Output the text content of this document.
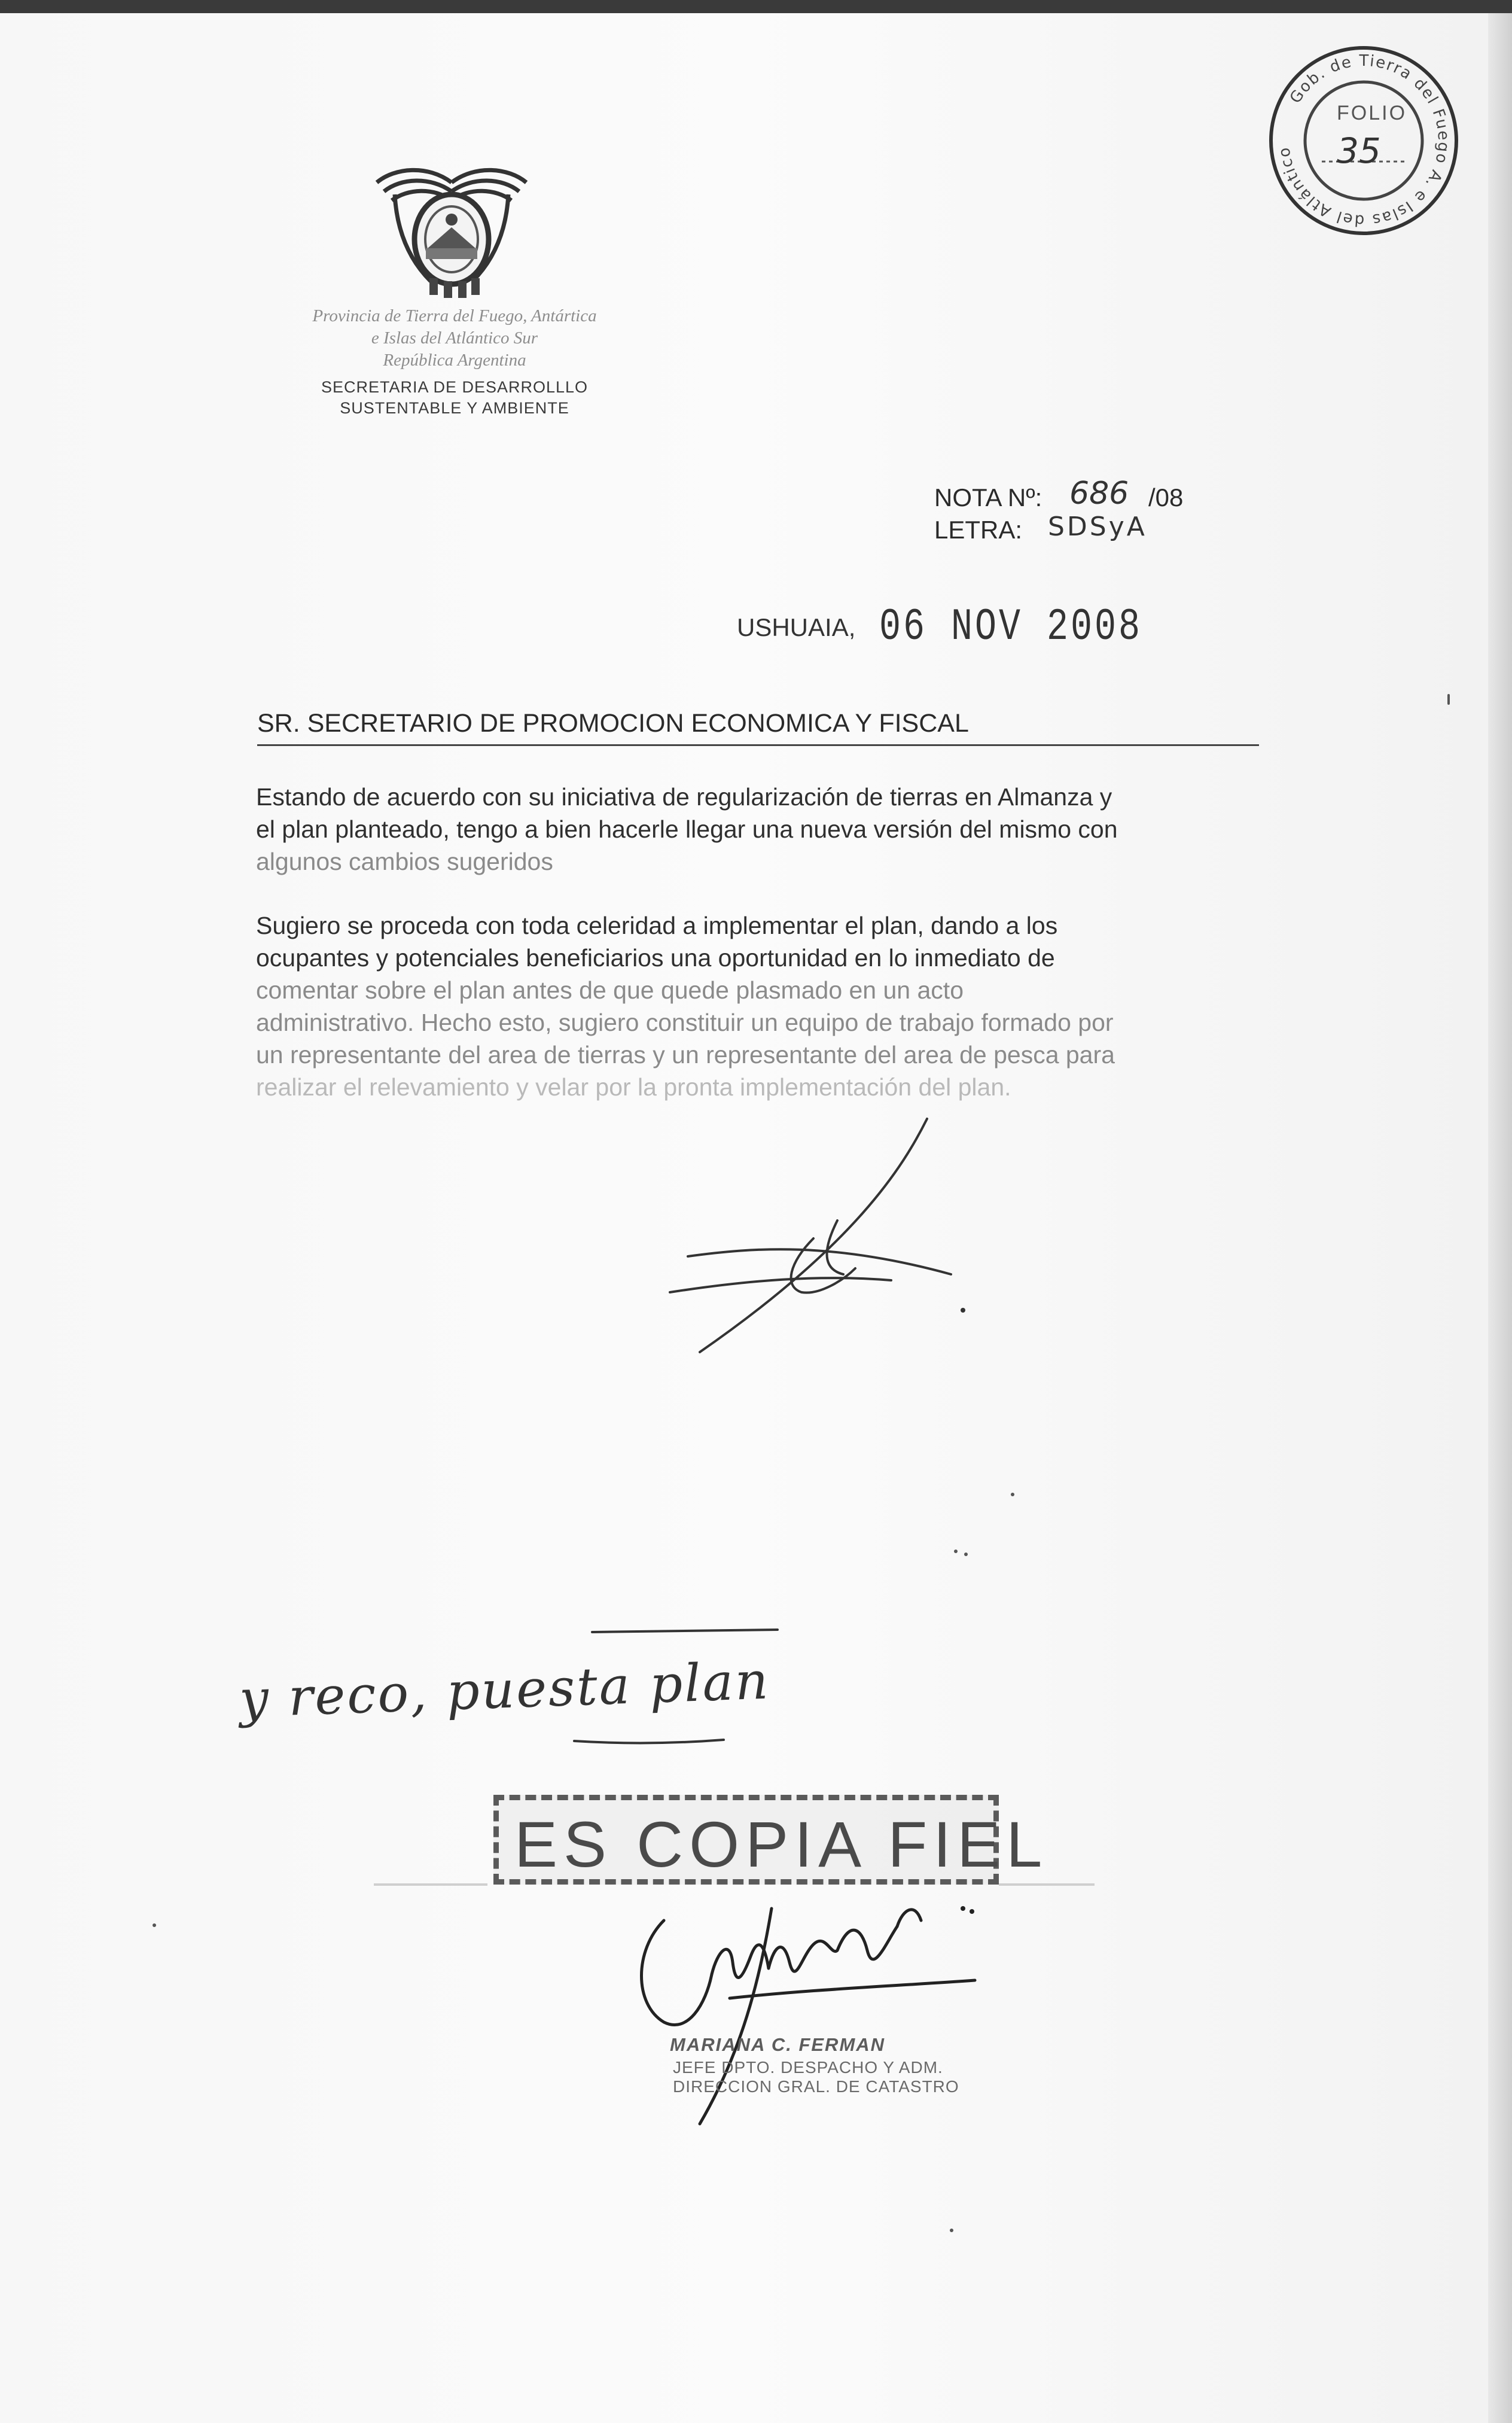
Provincia de Tierra del Fuego, Antártica
e Islas del Atlántico Sur
República Argentina
SECRETARIA DE DESARROLLLO
SUSTENTABLE Y AMBIENTE
Gob. de Tierra del Fuego A. e Islas del Atlántico
FOLIO
35
NOTA Nº: 686 /08
LETRA: SDSyA
USHUAIA, 06 NOV 2008
SR. SECRETARIO DE PROMOCION ECONOMICA Y FISCAL
Estando de acuerdo con su iniciativa de regularización de tierras en Almanza y
el plan planteado, tengo a bien hacerle llegar una nueva versión del mismo con
algunos cambios sugeridos
Sugiero se proceda con toda celeridad a implementar el plan, dando a los
ocupantes y potenciales beneficiarios una oportunidad en lo inmediato de
comentar sobre el plan antes de que quede plasmado en un acto
administrativo. Hecho esto, sugiero constituir un equipo de trabajo formado por
un representante del area de tierras y un representante del area de pesca para
realizar el relevamiento y velar por la pronta implementación del plan.
y reco, puesta plan
ES COPIA FIEL
MARIANA C. FERMAN
JEFE DPTO. DESPACHO Y ADM.
DIRECCION GRAL. DE CATASTRO
